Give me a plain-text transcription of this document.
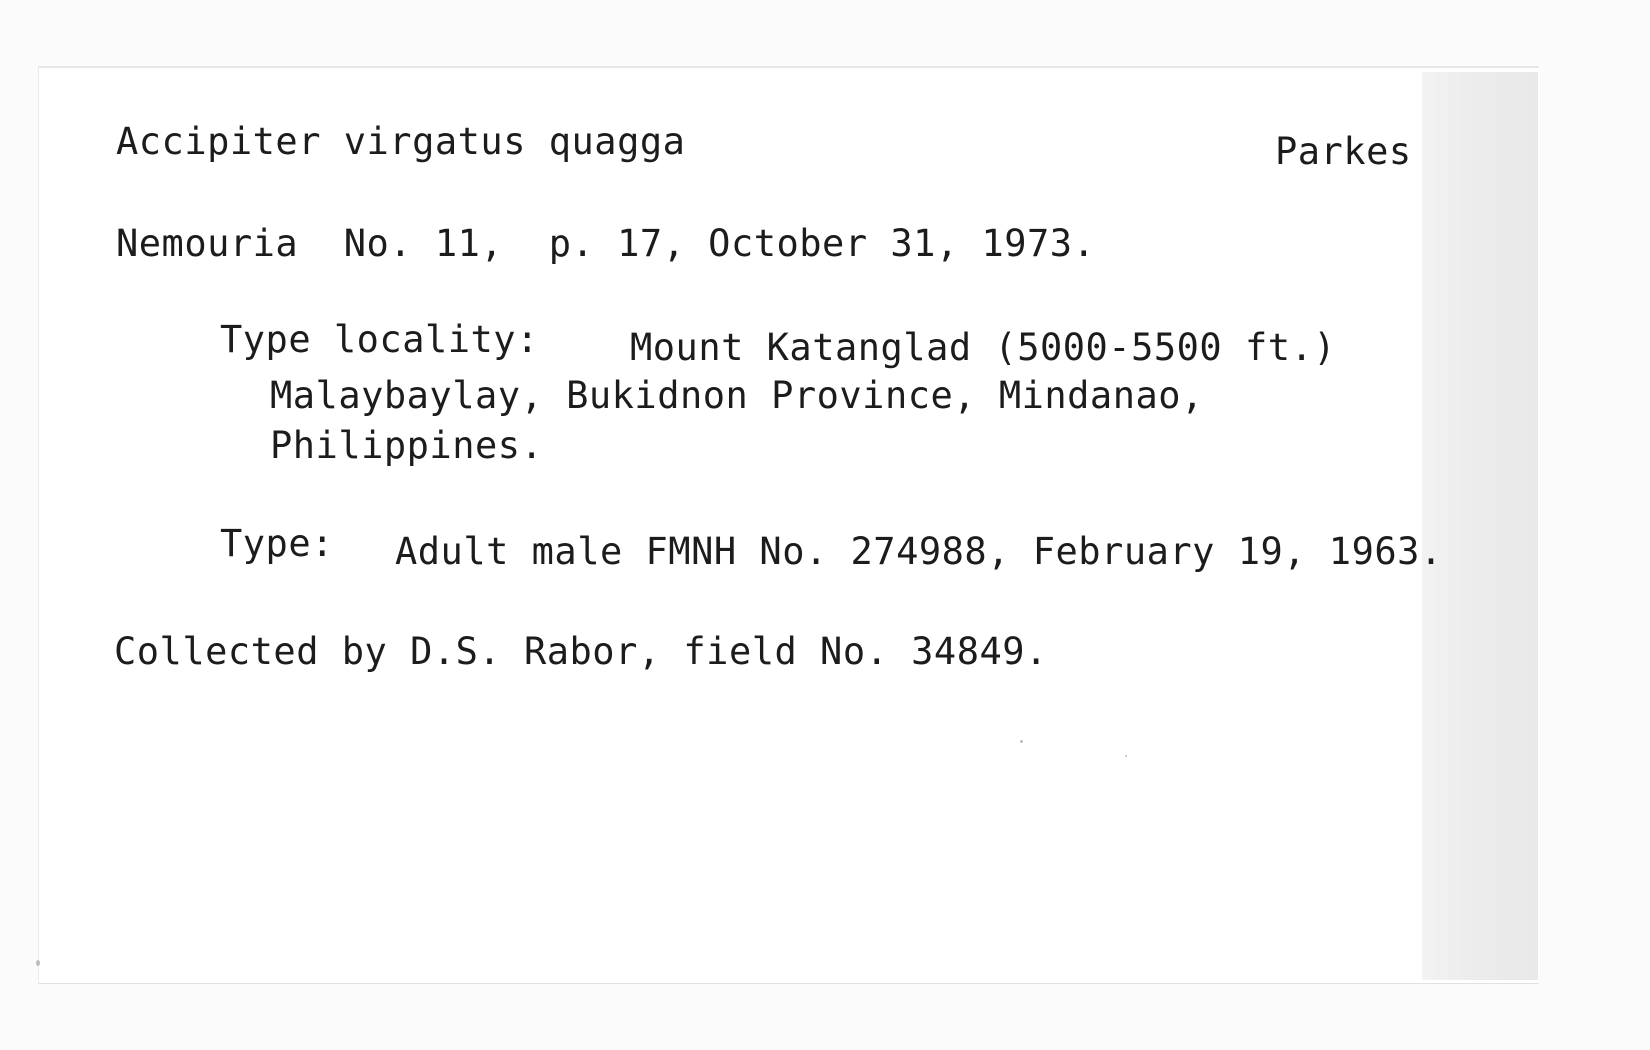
Accipiter virgatus quagga	Parkes
Nemouria  No. 11,  p. 17, October 31, 1973.
Type locality: Mount Katanglad (5000-5500 ft.)
Malaybaylay, Bukidnon Province, Mindanao,
Philippines.
Type: Adult male FMNH No. 274988, February 19, 1963.
Collected by D.S. Rabor, field No. 34849.
